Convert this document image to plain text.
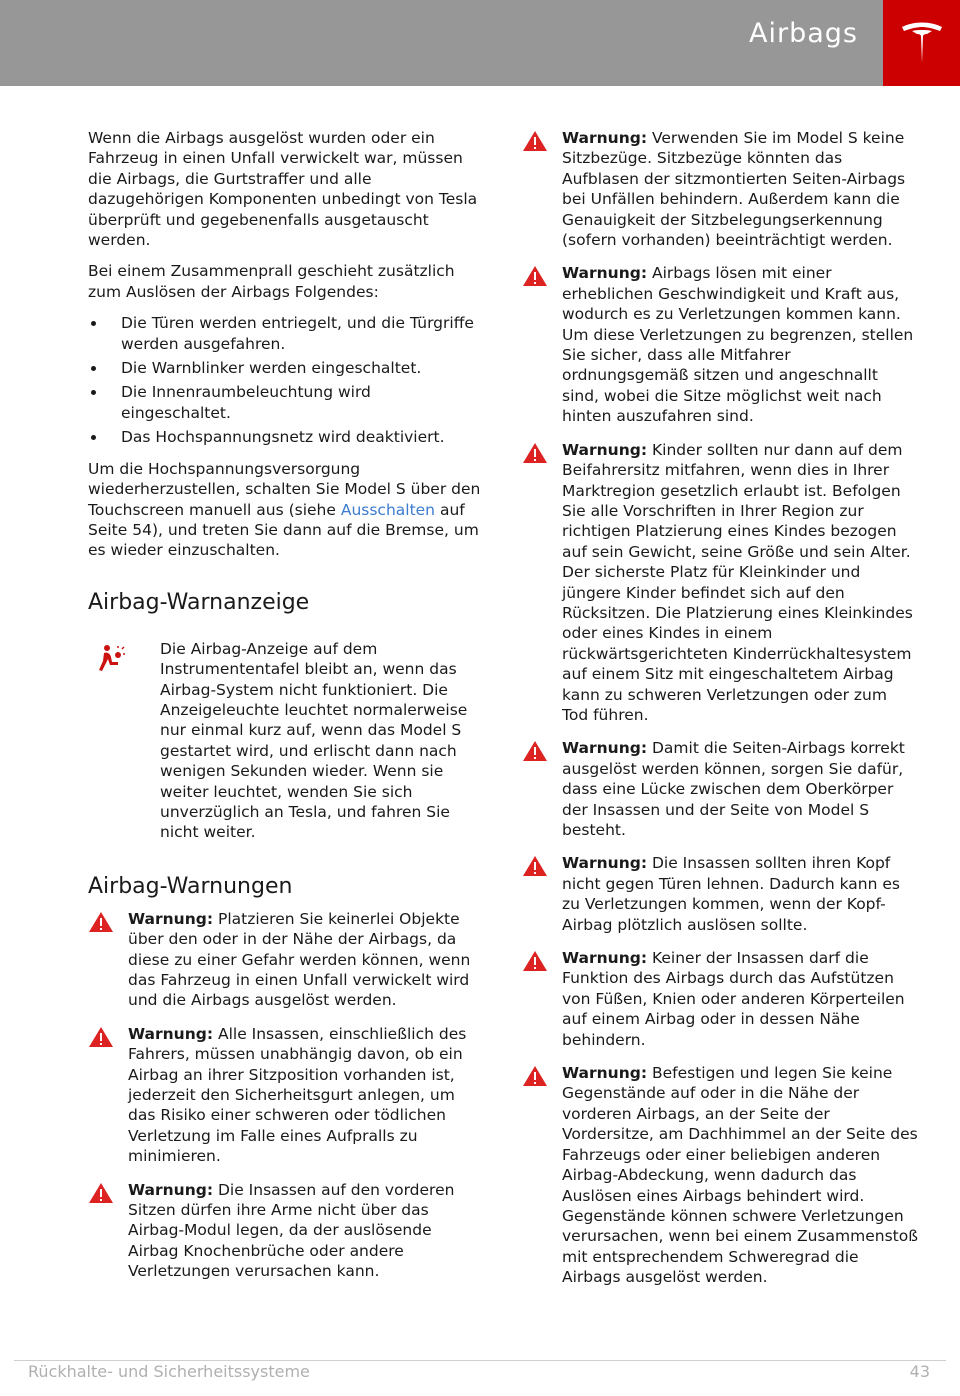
Airbags

Wenn die Airbags ausgelöst wurden oder ein Fahrzeug in einen Unfall verwickelt war, müssen die Airbags, die Gurtstraffer und alle dazugehörigen Komponenten unbedingt von Tesla überprüft und gegebenenfalls ausgetauscht werden.

Bei einem Zusammenprall geschieht zusätzlich zum Auslösen der Airbags Folgendes:

Die Türen werden entriegelt, und die Türgriffe werden ausgefahren.
Die Warnblinker werden eingeschaltet.
Die Innenraumbeleuchtung wird eingeschaltet.
Das Hochspannungsnetz wird deaktiviert.

Um die Hochspannungsversorgung wiederherzustellen, schalten Sie Model S über den Touchscreen manuell aus (siehe Ausschalten auf Seite 54), und treten Sie dann auf die Bremse, um es wieder einzuschalten.

Airbag-Warnanzeige
Die Airbag-Anzeige auf dem Instrumententafel bleibt an, wenn das Airbag-System nicht funktioniert. Die Anzeigeleuchte leuchtet normalerweise nur einmal kurz auf, wenn das Model S gestartet wird, und erlischt dann nach wenigen Sekunden wieder. Wenn sie weiter leuchtet, wenden Sie sich unverzüglich an Tesla, und fahren Sie nicht weiter.
Airbag-Warnungen
Warnung: Platzieren Sie keinerlei Objekte über den oder in der Nähe der Airbags, da diese zu einer Gefahr werden können, wenn das Fahrzeug in einen Unfall verwickelt wird und die Airbags ausgelöst werden.
Warnung: Alle Insassen, einschließlich des Fahrers, müssen unabhängig davon, ob ein Airbag an ihrer Sitzposition vorhanden ist, jederzeit den Sicherheitsgurt anlegen, um das Risiko einer schweren oder tödlichen Verletzung im Falle eines Aufpralls zu minimieren.
Warnung: Die Insassen auf den vorderen Sitzen dürfen ihre Arme nicht über das Airbag-Modul legen, da der auslösende Airbag Knochenbrüche oder andere Verletzungen verursachen kann.
Warnung: Verwenden Sie im Model S keine Sitzbezüge. Sitzbezüge könnten das Aufblasen der sitzmontierten Seiten-Airbags bei Unfällen behindern. Außerdem kann die Genauigkeit der Sitzbelegungserkennung (sofern vorhanden) beeinträchtigt werden.
Warnung: Airbags lösen mit einer erheblichen Geschwindigkeit und Kraft aus, wodurch es zu Verletzungen kommen kann. Um diese Verletzungen zu begrenzen, stellen Sie sicher, dass alle Mitfahrer ordnungsgemäß sitzen und angeschnallt sind, wobei die Sitze möglichst weit nach hinten auszufahren sind.
Warnung: Kinder sollten nur dann auf dem Beifahrersitz mitfahren, wenn dies in Ihrer Marktregion gesetzlich erlaubt ist. Befolgen Sie alle Vorschriften in Ihrer Region zur richtigen Platzierung eines Kindes bezogen auf sein Gewicht, seine Größe und sein Alter. Der sicherste Platz für Kleinkinder und jüngere Kinder befindet sich auf den Rücksitzen. Die Platzierung eines Kleinkindes oder eines Kindes in einem rückwärtsgerichteten Kinderrückhaltesystem auf einem Sitz mit eingeschaltetem Airbag kann zu schweren Verletzungen oder zum Tod führen.
Warnung: Damit die Seiten-Airbags korrekt ausgelöst werden können, sorgen Sie dafür, dass eine Lücke zwischen dem Oberkörper der Insassen und der Seite von Model S besteht.
Warnung: Die Insassen sollten ihren Kopf nicht gegen Türen lehnen. Dadurch kann es zu Verletzungen kommen, wenn der Kopf-Airbag plötzlich auslösen sollte.
Warnung: Keiner der Insassen darf die Funktion des Airbags durch das Aufstützen von Füßen, Knien oder anderen Körperteilen auf einem Airbag oder in dessen Nähe behindern.
Warnung: Befestigen und legen Sie keine Gegenstände auf oder in die Nähe der vorderen Airbags, an der Seite der Vordersitze, am Dachhimmel an der Seite des Fahrzeugs oder einer beliebigen anderen Airbag-Abdeckung, wenn dadurch das Auslösen eines Airbags behindert wird. Gegenstände können schwere Verletzungen verursachen, wenn bei einem Zusammenstoß mit entsprechendem Schweregrad die Airbags ausgelöst werden.
Rückhalte- und Sicherheitssysteme	43
